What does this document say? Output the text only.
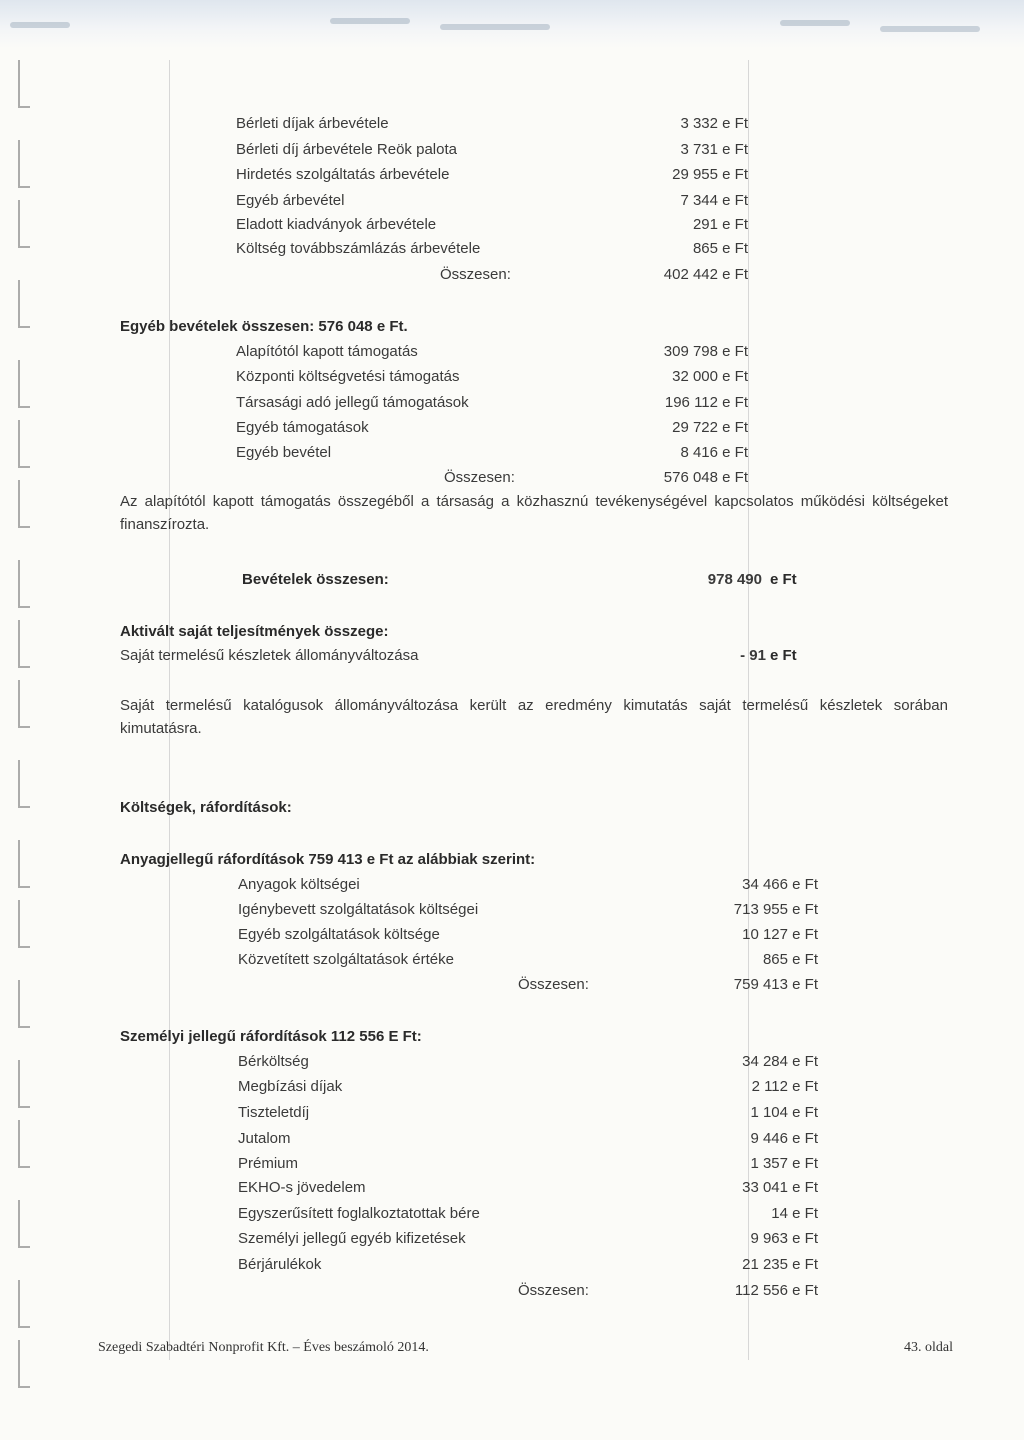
Bérleti díjak árbevétele	3 332 e Ft
Bérleti díj árbevétele Reök palota	3 731 e Ft
Hirdetés szolgáltatás árbevétele	29 955 e Ft
Egyéb árbevétel	7 344 e Ft
Eladott kiadványok árbevétele	291 e Ft
Költség továbbszámlázás árbevétele	865 e Ft
Összesen:	402 442 e Ft
Egyéb bevételek összesen: 576 048 e Ft.
Alapítótól kapott támogatás	309 798 e Ft
Központi költségvetési támogatás	32 000 e Ft
Társasági adó jellegű támogatások	196 112 e Ft
Egyéb támogatások	29 722 e Ft
Egyéb bevétel	8 416 e Ft
Összesen:	576 048 e Ft
Az alapítótól kapott támogatás összegéből a társaság a közhasznú tevékenységével kapcsolatos működési költségeket finanszírozta.
Bevételek összesen:	978 490 e Ft
Aktivált saját teljesítmények összege:
Saját termelésű készletek állományváltozása	- 91 e Ft
Saját termelésű katalógusok állományváltozása került az eredmény kimutatás saját termelésű készletek sorában kimutatásra.
Költségek, ráfordítások:
Anyagjellegű ráfordítások 759 413 e Ft az alábbiak szerint:
Anyagok költségei	34 466 e Ft
Igénybevett szolgáltatások költségei	713 955 e Ft
Egyéb szolgáltatások költsége	10 127 e Ft
Közvetített szolgáltatások értéke	865 e Ft
Összesen:	759 413 e Ft
Személyi jellegű ráfordítások 112 556 E Ft:
Bérköltség	34 284 e Ft
Megbízási díjak	2 112 e Ft
Tiszteletdíj	1 104 e Ft
Jutalom	9 446 e Ft
Prémium	1 357 e Ft
EKHO-s jövedelem	33 041 e Ft
Egyszerűsített foglalkoztatottak bére	14 e Ft
Személyi jellegű egyéb kifizetések	9 963 e Ft
Bérjárulékok	21 235 e Ft
Összesen:	112 556 e Ft
Szegedi Szabadtéri Nonprofit Kft. – Éves beszámoló 2014.	43. oldal
